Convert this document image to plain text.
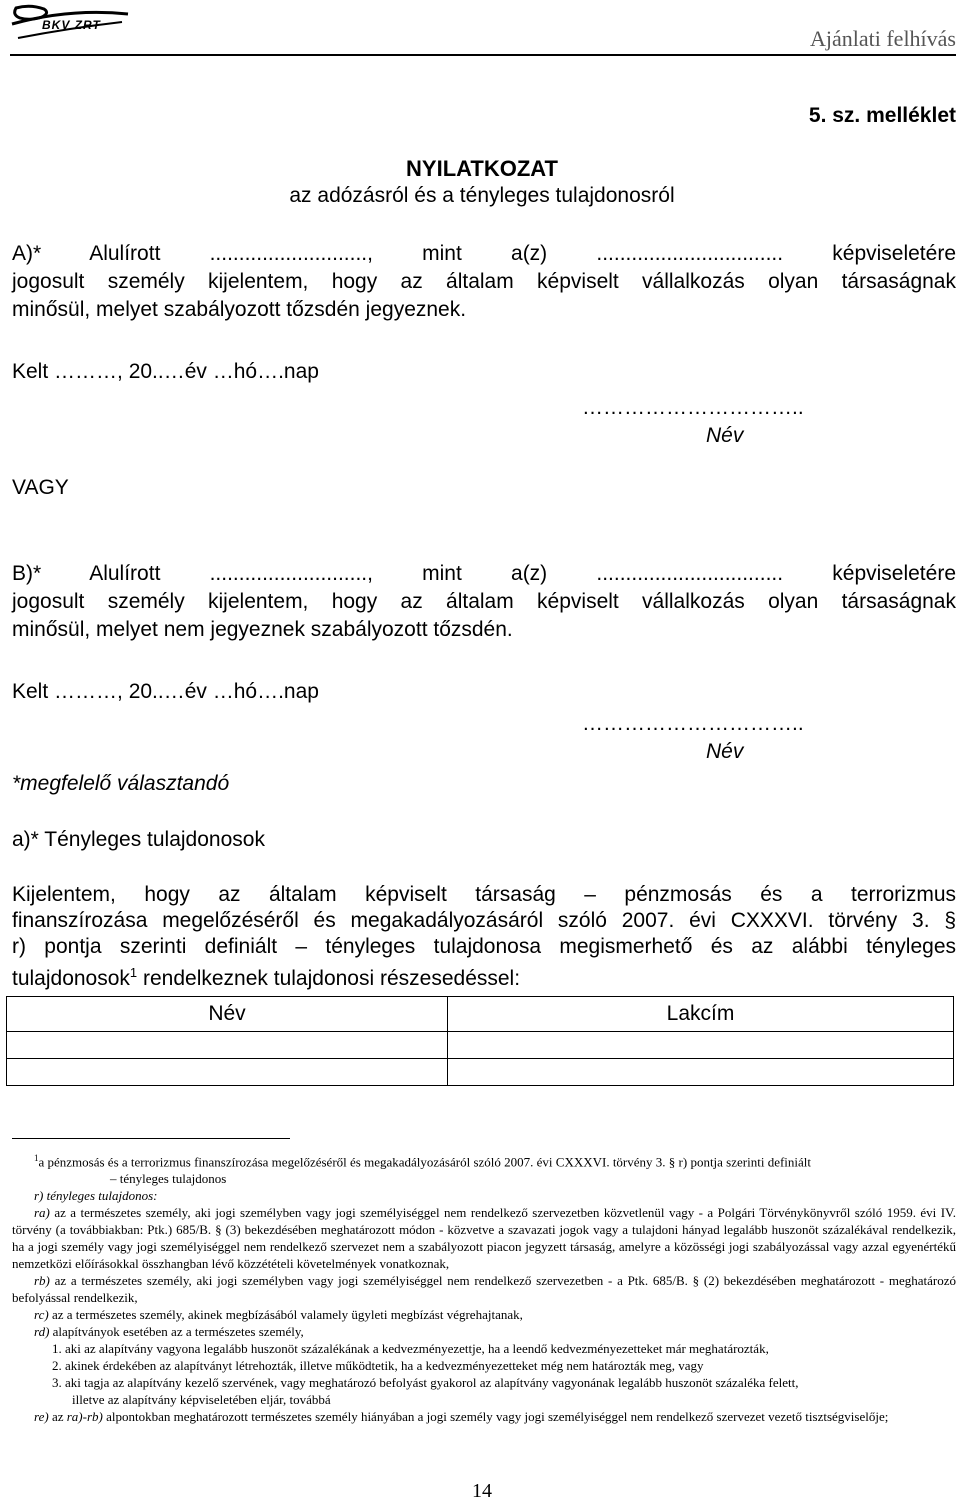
BKV ZRT
Ajánlati felhívás
5. sz. melléklet
NYILATKOZAT
az adózásról és a tényleges tulajdonosról
A)* Alulírott ..........................., mint a(z) ................................ képviseletére
jogosult személy kijelentem, hogy az általam képviselt vállalkozás olyan társaságnak
minősül, melyet szabályozott tőzsdén jegyeznek.
Kelt ………, 20..…év …hó….nap
…………………………..
Név
VAGY
B)* Alulírott ..........................., mint a(z) ................................ képviseletére
jogosult személy kijelentem, hogy az általam képviselt vállalkozás olyan társaságnak
minősül, melyet nem jegyeznek szabályozott tőzsdén.
Kelt ………, 20..…év …hó….nap
…………………………..
Név
*megfelelő választandó
a)* Tényleges tulajdonosok
Kijelentem, hogy az általam képviselt társaság – pénzmosás és a terrorizmus
finanszírozása megelőzéséről és megakadályozásáról szóló 2007. évi CXXXVI. törvény 3. §
r) pontja szerinti definiált – tényleges tulajdonosa megismerhető és az alábbi tényleges
tulajdonosok$^1$ rendelkeznek tulajdonosi részesedéssel:
Név	Lakcím

$^1$a pénzmosás és a terrorizmus finanszírozása megelőzéséről és megakadályozásáról szóló 2007. évi CXXXVI. törvény 3. § r) pontja szerinti definiált

– tényleges tulajdonos

r) tényleges tulajdonos:

ra) az a természetes személy, aki jogi személyben vagy jogi személyiséggel nem rendelkező szervezetben közvetlenül vagy - a Polgári Törvénykönyvről szóló 1959. évi IV. törvény (a továbbiakban: Ptk.) 685/B. § (3) bekezdésében meghatározott módon - közvetve a szavazati jogok vagy a tulajdoni hányad legalább huszonöt százalékával rendelkezik, ha a jogi személy vagy jogi személyiséggel nem rendelkező szervezet nem a szabályozott piacon jegyzett társaság, amelyre a közösségi jogi szabályozással vagy azzal egyenértékű nemzetközi előírásokkal összhangban lévő közzétételi követelmények vonatkoznak,

rb) az a természetes személy, aki jogi személyben vagy jogi személyiséggel nem rendelkező szervezetben - a Ptk. 685/B. § (2) bekezdésében meghatározott - meghatározó befolyással rendelkezik,

rc) az a természetes személy, akinek megbízásából valamely ügyleti megbízást végrehajtanak,

rd) alapítványok esetében az a természetes személy,

1. aki az alapítvány vagyona legalább huszonöt százalékának a kedvezményezettje, ha a leendő kedvezményezetteket már meghatározták,

2. akinek érdekében az alapítványt létrehozták, illetve működtetik, ha a kedvezményezetteket még nem határozták meg, vagy

3. aki tagja az alapítvány kezelő szervének, vagy meghatározó befolyást gyakorol az alapítvány vagyonának legalább huszonöt százaléka felett,

illetve az alapítvány képviseletében eljár, továbbá

re) az ra)-rb) alpontokban meghatározott természetes személy hiányában a jogi személy vagy jogi személyiséggel nem rendelkező szervezet vezető tisztségviselője;

14
